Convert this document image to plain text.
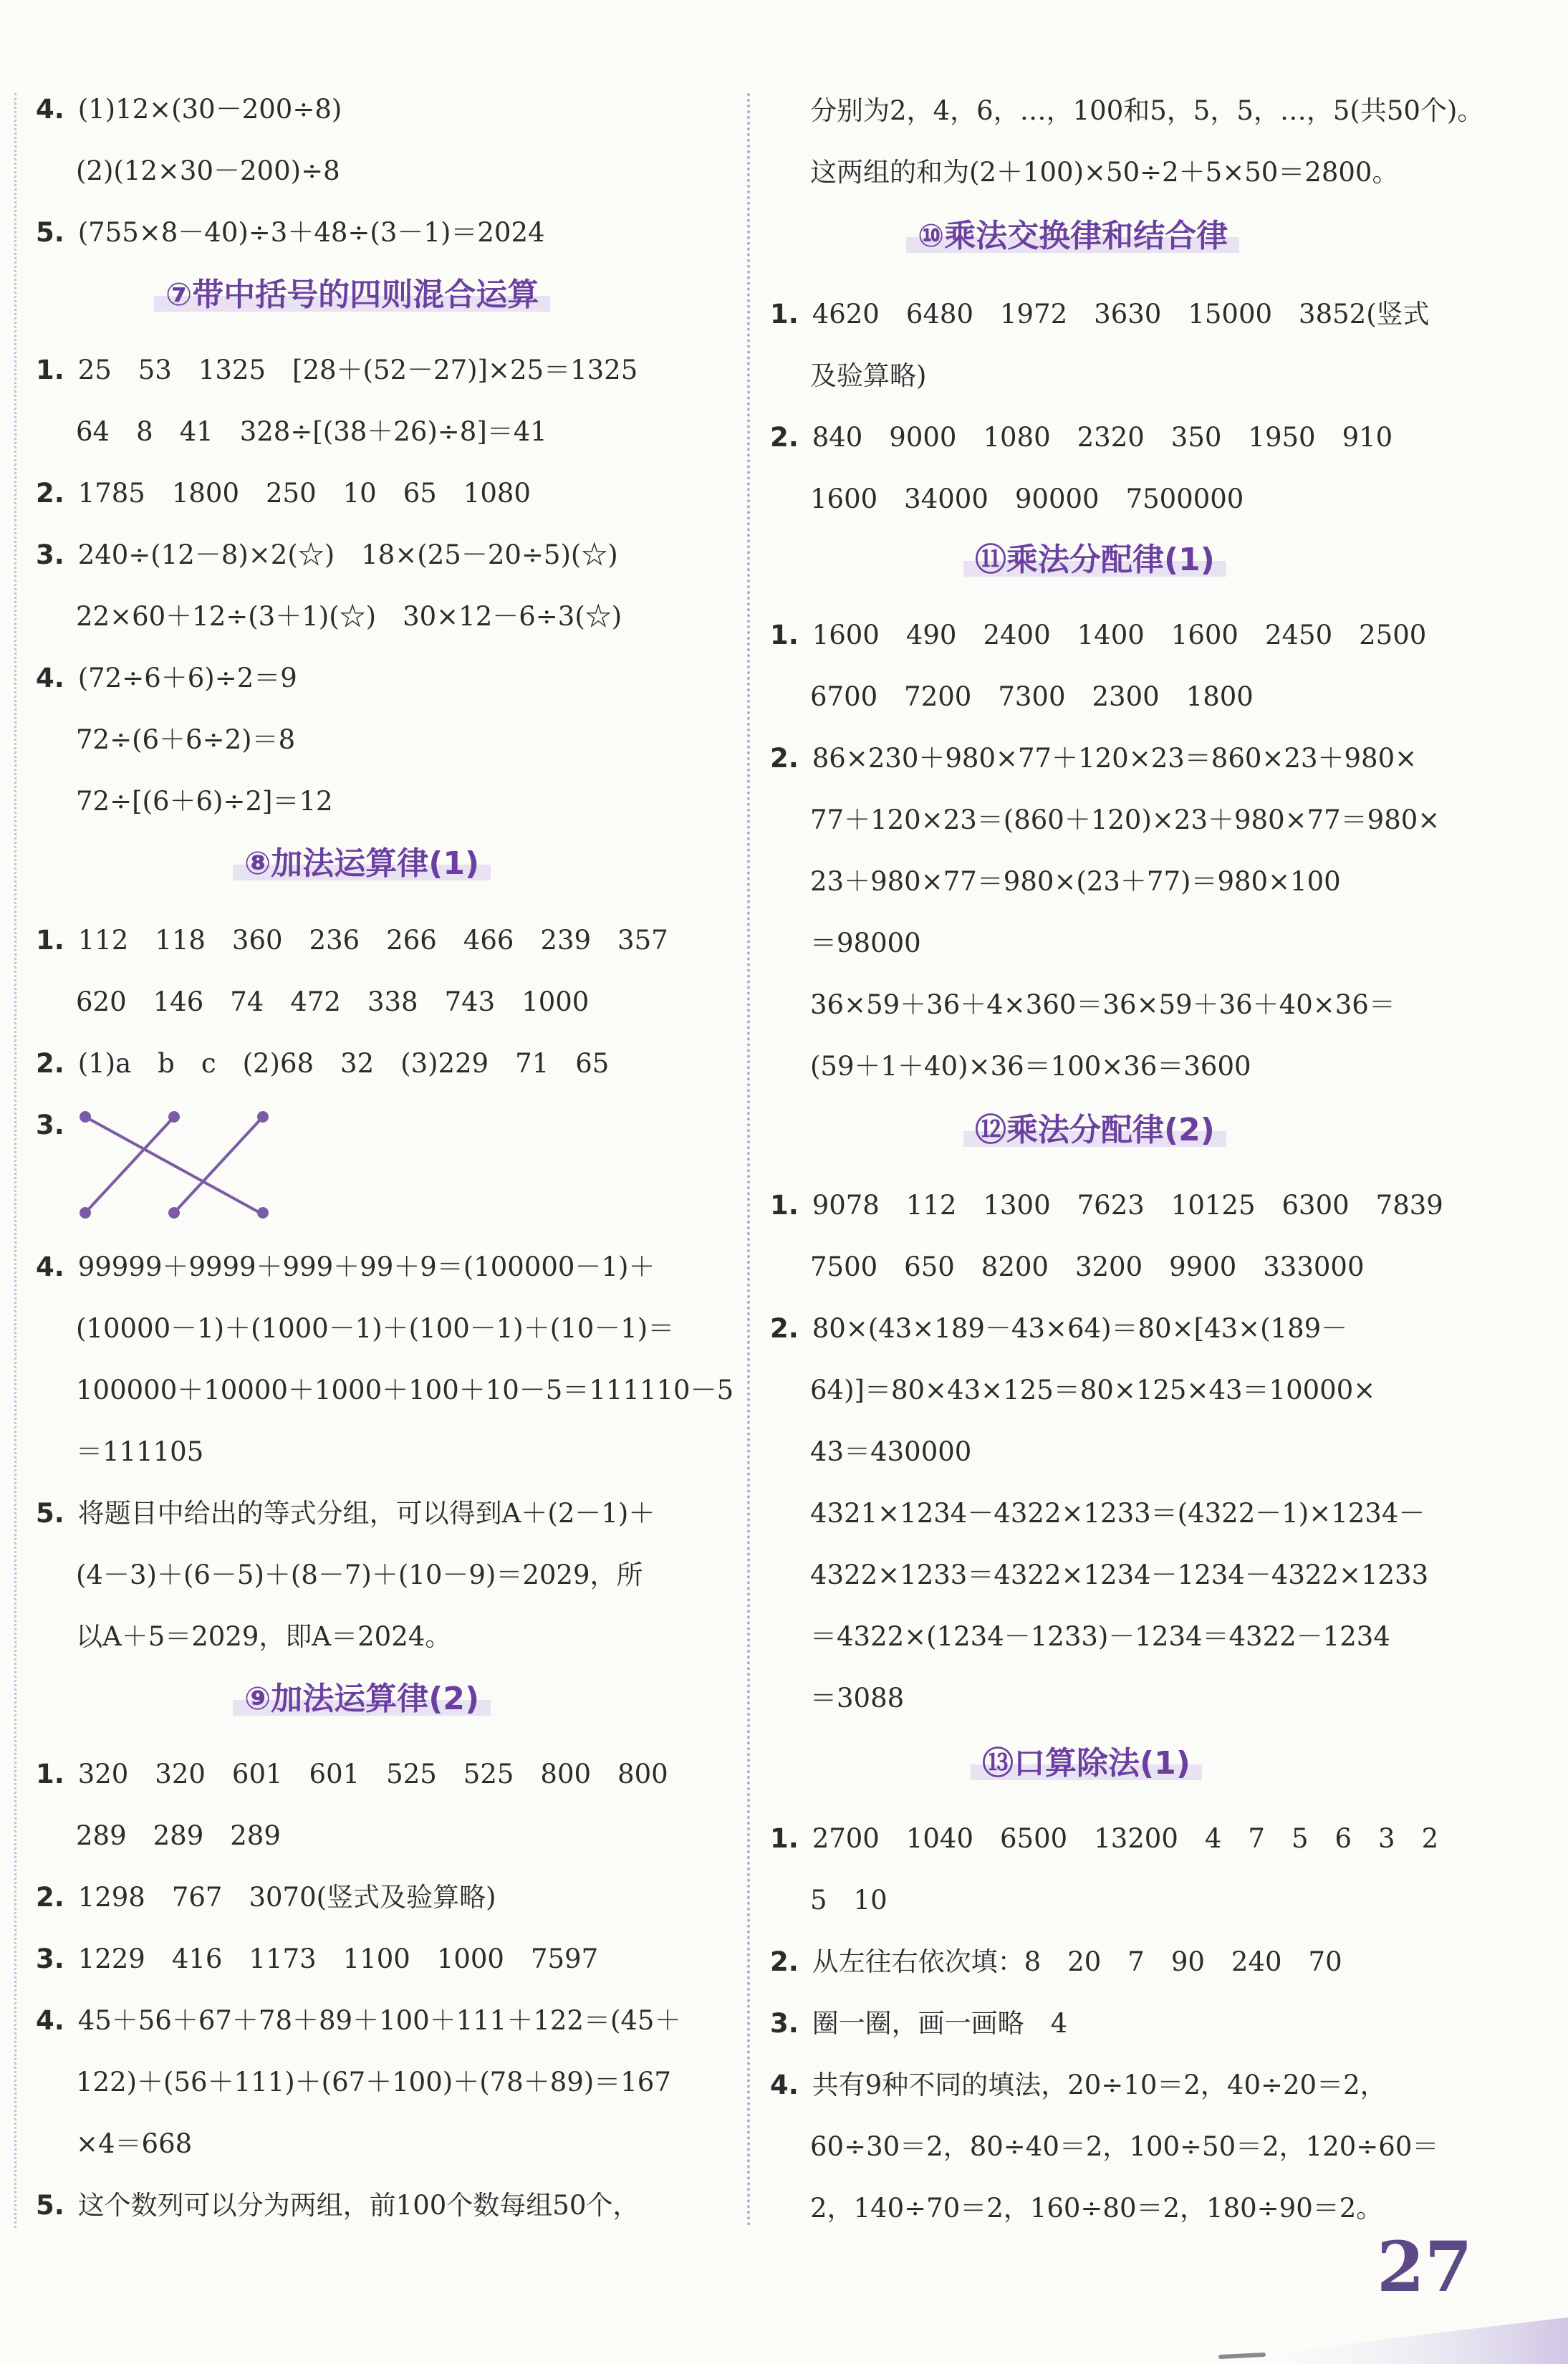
4. (1)12×(30－200÷8)
(2)(12×30－200)÷8
5. (755×8－40)÷3＋48÷(3－1)＝2024
⑦带中括号的四则混合运算
1. 25　53　1325　[28＋(52－27)]×25＝1325
64　8　41　328÷[(38＋26)÷8]＝41
2. 1785　1800　250　10　65　1080
3. 240÷(12－8)×2(☆)　18×(25－20÷5)(☆)
22×60＋12÷(3＋1)(☆)　30×12－6÷3(☆)
4. (72÷6＋6)÷2＝9
72÷(6＋6÷2)＝8
72÷[(6＋6)÷2]＝12
⑧加法运算律(1)
1. 112　118　360　236　266　466　239　357
620　146　74　472　338　743　1000
2. (1)a　b　c　(2)68　32　(3)229　71　65
3.
4. 99999＋9999＋999＋99＋9＝(100000－1)＋
(10000－1)＋(1000－1)＋(100－1)＋(10－1)＝
100000＋10000＋1000＋100＋10－5＝111110－5
＝111105
5. 将题目中给出的等式分组，可以得到A＋(2－1)＋
(4－3)＋(6－5)＋(8－7)＋(10－9)＝2029，所
以A＋5＝2029，即A＝2024。
⑨加法运算律(2)
1. 320　320　601　601　525　525　800　800
289　289　289
2. 1298　767　3070(竖式及验算略)
3. 1229　416　1173　1100　1000　7597
4. 45＋56＋67＋78＋89＋100＋111＋122＝(45＋
122)＋(56＋111)＋(67＋100)＋(78＋89)＝167
×4＝668
5. 这个数列可以分为两组，前100个数每组50个，
分别为2，4，6，…，100和5，5，5，…，5(共50个)。
这两组的和为(2＋100)×50÷2＋5×50＝2800。
⑩乘法交换律和结合律
1. 4620　6480　1972　3630　15000　3852(竖式
及验算略)
2. 840　9000　1080　2320　350　1950　910
1600　34000　90000　7500000
⑪乘法分配律(1)
1. 1600　490　2400　1400　1600　2450　2500
6700　7200　7300　2300　1800
2. 86×230＋980×77＋120×23＝860×23＋980×
77＋120×23＝(860＋120)×23＋980×77＝980×
23＋980×77＝980×(23＋77)＝980×100
＝98000
36×59＋36＋4×360＝36×59＋36＋40×36＝
(59＋1＋40)×36＝100×36＝3600
⑫乘法分配律(2)
1. 9078　112　1300　7623　10125　6300　7839
7500　650　8200　3200　9900　333000
2. 80×(43×189－43×64)＝80×[43×(189－
64)]＝80×43×125＝80×125×43＝10000×
43＝430000
4321×1234－4322×1233＝(4322－1)×1234－
4322×1233＝4322×1234－1234－4322×1233
＝4322×(1234－1233)－1234＝4322－1234
＝3088
⑬口算除法(1)
1. 2700　1040　6500　13200　4　7　5　6　3　2
5　10
2. 从左往右依次填：8　20　7　90　240　70
3. 圈一圈，画一画略　4
4. 共有9种不同的填法，20÷10＝2，40÷20＝2，
60÷30＝2，80÷40＝2，100÷50＝2，120÷60＝
2，140÷70＝2，160÷80＝2，180÷90＝2。
27
